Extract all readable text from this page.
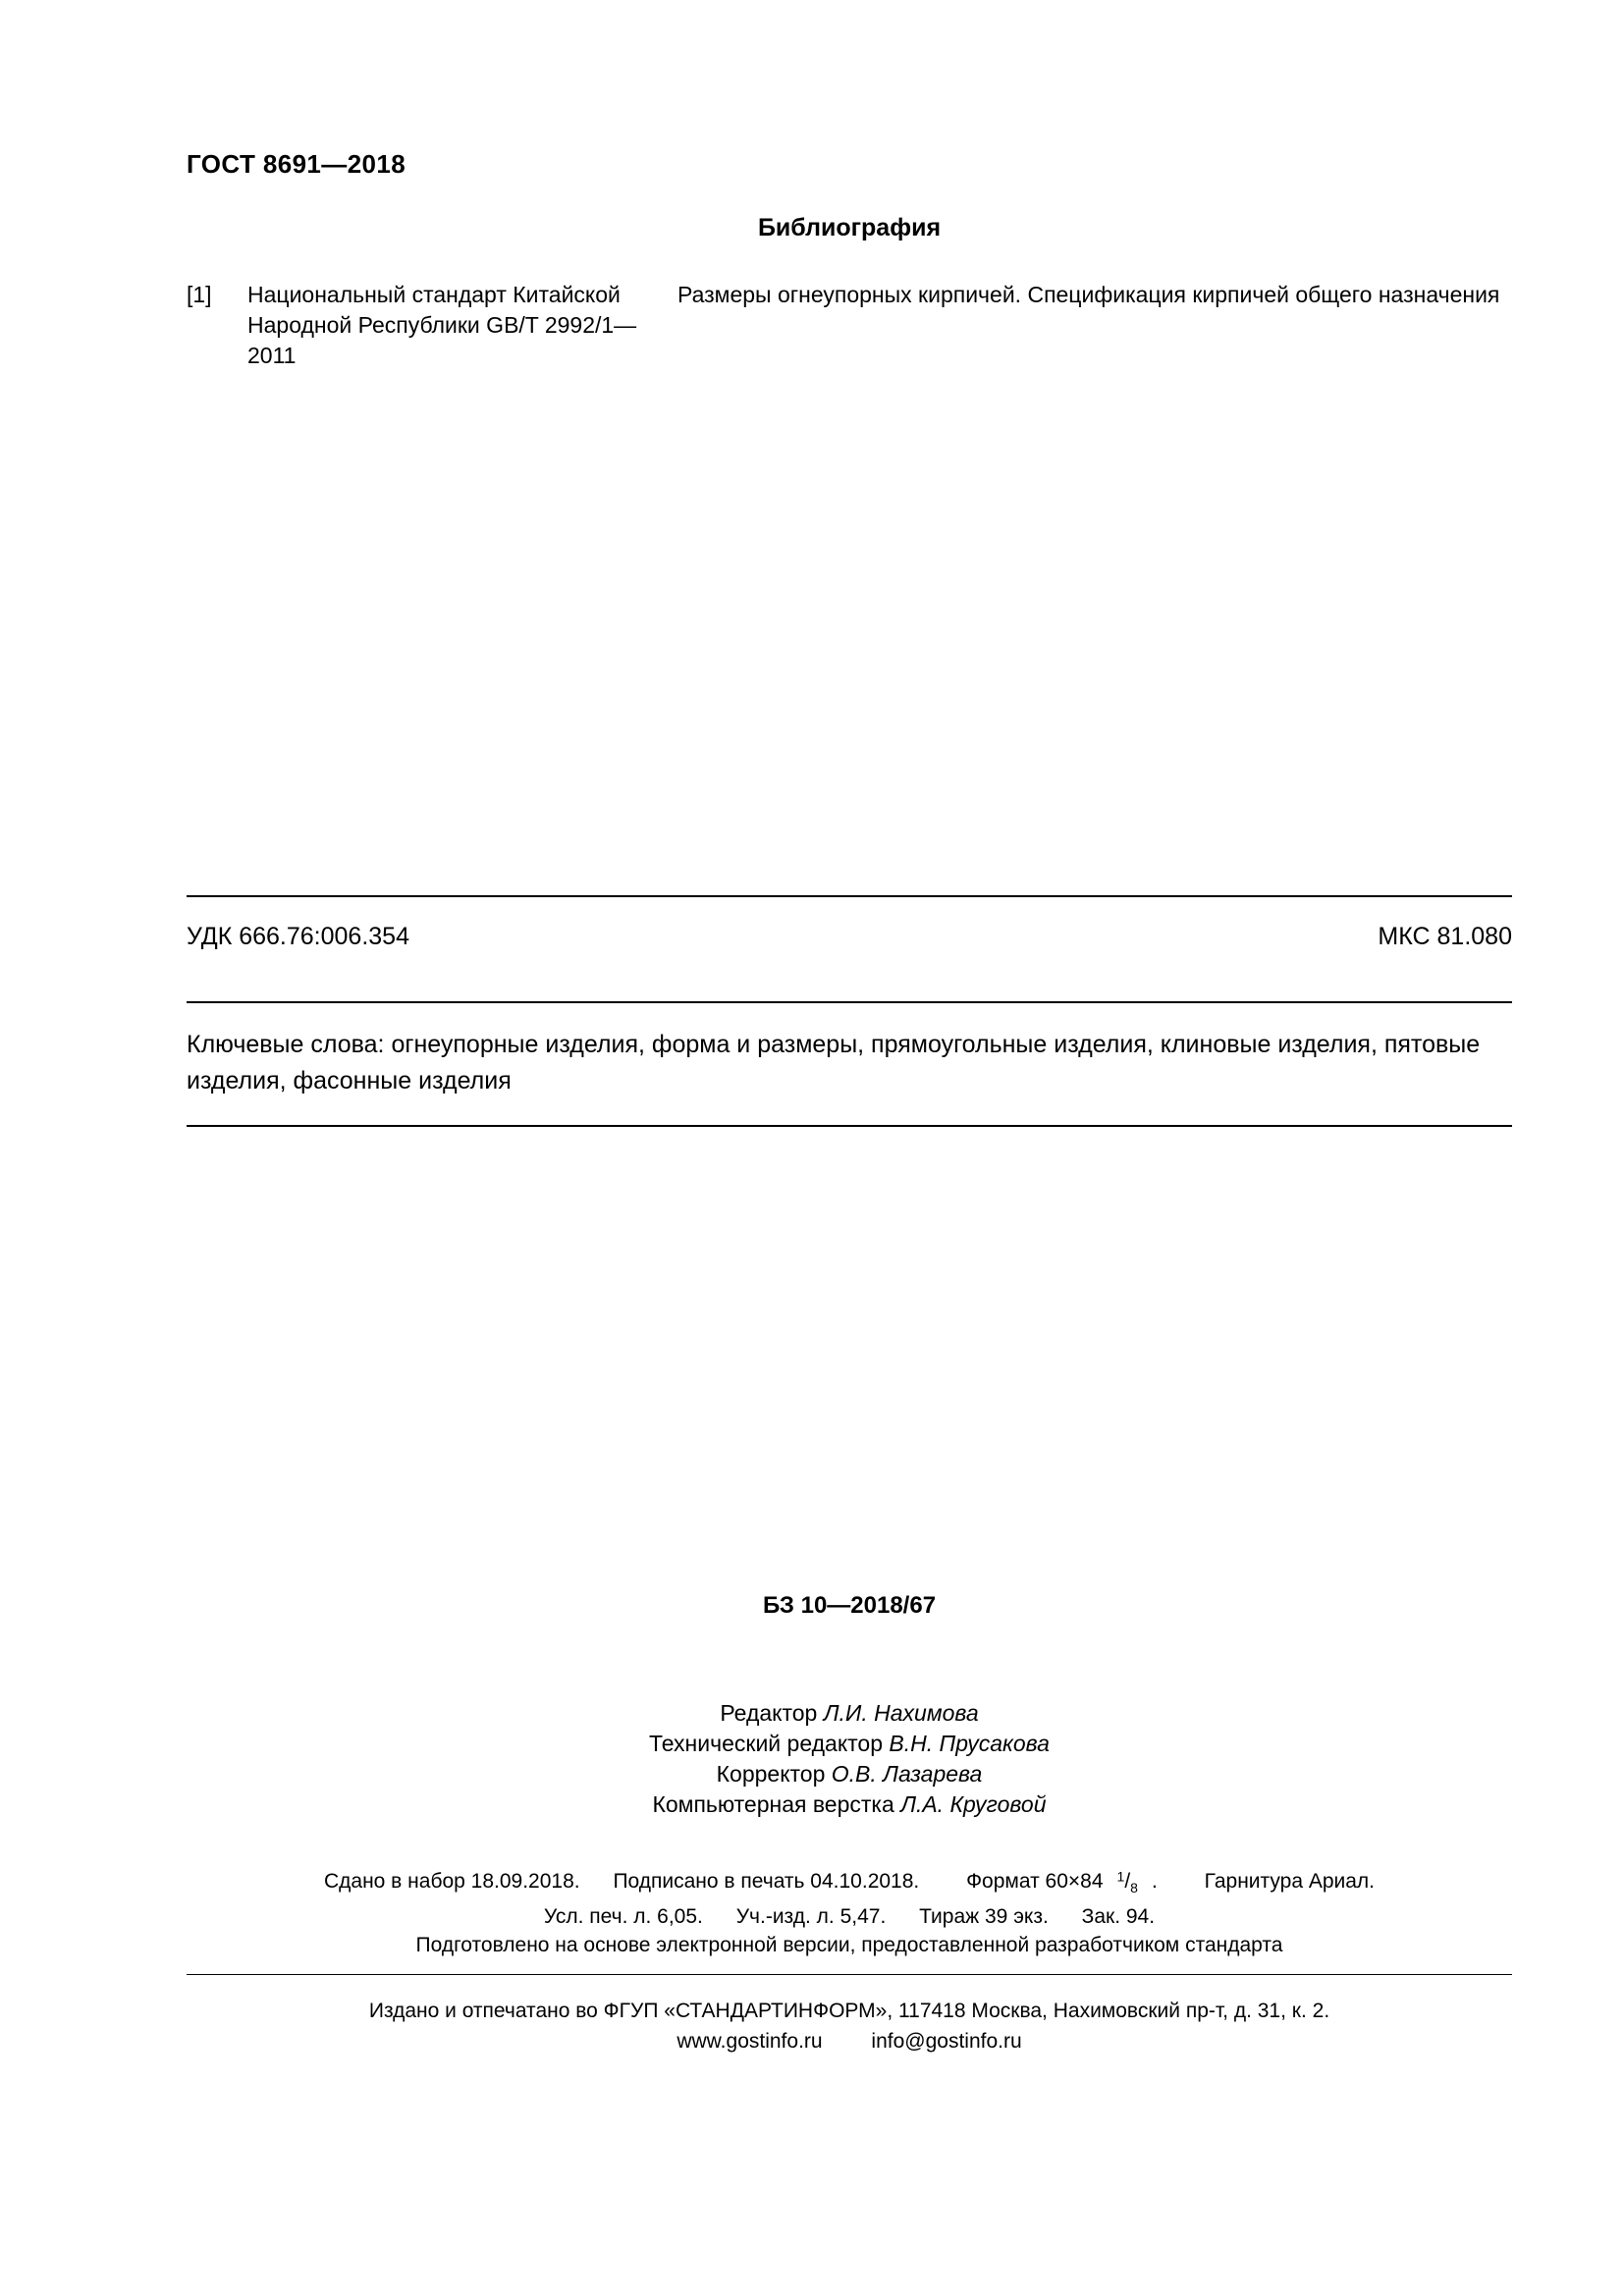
ГОСТ 8691—2018
Библиография
[1]	Национальный стандарт Китайской Народной Республики GB/T 2992/1—2011
Размеры огнеупорных кирпичей. Спецификация кирпичей общего назначения
УДК 666.76:006.354	МКС 81.080
Ключевые слова: огнеупорные изделия, форма и размеры, прямоугольные изделия, клиновые изделия, пятовые изделия, фасонные изделия
БЗ 10—2018/67
Редактор Л.И. Нахимова
Технический редактор В.Н. Прусакова
Корректор О.В. Лазарева
Компьютерная верстка Л.А. Круговой
Сдано в набор 18.09.2018. Подписано в печать 04.10.2018. Формат 60×84 $^1/_8$ . Гарнитура Ариал.
Усл. печ. л. 6,05. Уч.-изд. л. 5,47. Тираж 39 экз. Зак. 94.
Подготовлено на основе электронной версии, предоставленной разработчиком стандарта
Издано и отпечатано во ФГУП «СТАНДАРТИНФОРМ», 117418 Москва, Нахимовский пр-т, д. 31, к. 2.
www.gostinfo.ru info@gostinfo.ru
